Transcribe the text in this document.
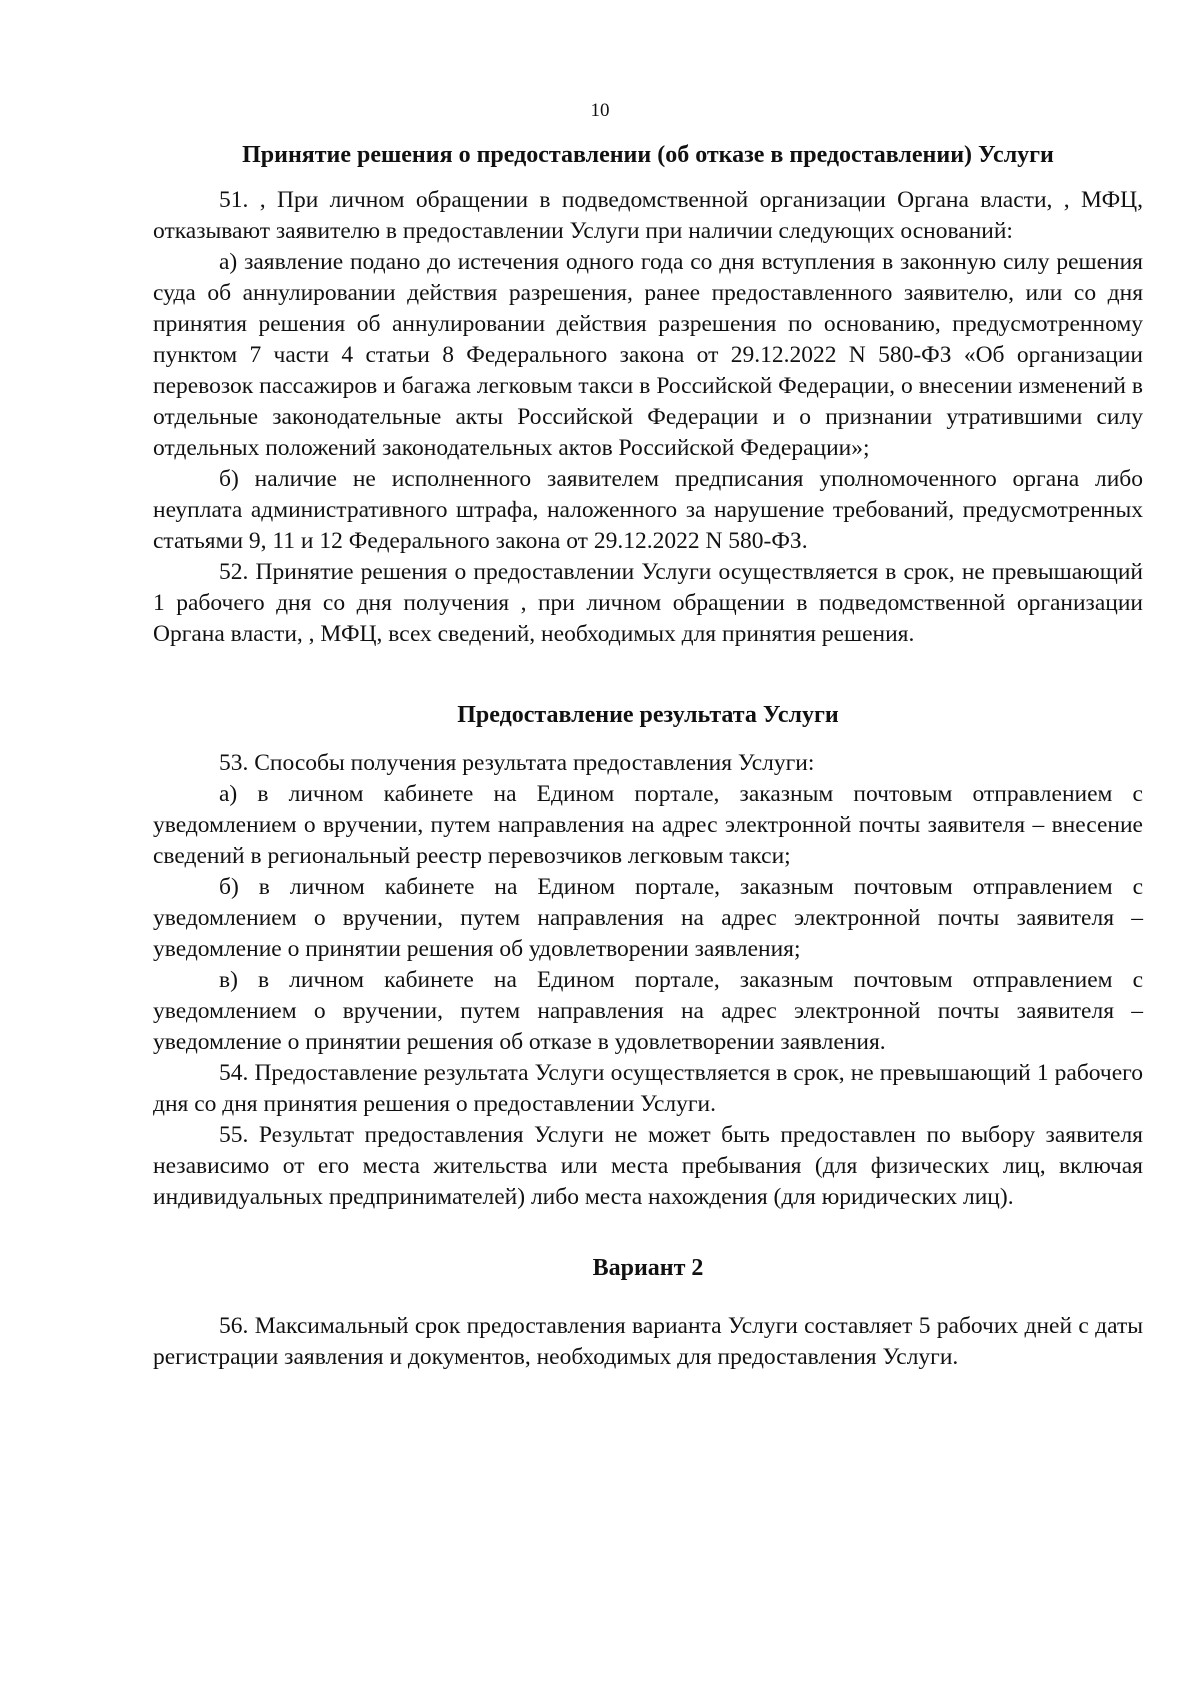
10
Принятие решения о предоставлении (об отказе в предоставлении) Услуги
51. , При личном обращении в подведомственной организации Органа власти, , МФЦ, отказывают заявителю в предоставлении Услуги при наличии следующих оснований:
а) заявление подано до истечения одного года со дня вступления в законную силу решения суда об аннулировании действия разрешения, ранее предоставленного заявителю, или со дня принятия решения об аннулировании действия разрешения по основанию, предусмотренному пунктом 7 части 4 статьи 8 Федерального закона от 29.12.2022 N 580-ФЗ «Об организации перевозок пассажиров и багажа легковым такси в Российской Федерации, о внесении изменений в отдельные законодательные акты Российской Федерации и о признании утратившими силу отдельных положений законодательных актов Российской Федерации»;
б) наличие не исполненного заявителем предписания уполномоченного органа либо неуплата административного штрафа, наложенного за нарушение требований, предусмотренных статьями 9, 11 и 12 Федерального закона от 29.12.2022 N 580-ФЗ.
52. Принятие решения о предоставлении Услуги осуществляется в срок, не превышающий 1 рабочего дня со дня получения , при личном обращении в подведомственной организации Органа власти, , МФЦ, всех сведений, необходимых для принятия решения.
Предоставление результата Услуги
53. Способы получения результата предоставления Услуги:
а) в личном кабинете на Едином портале, заказным почтовым отправлением с уведомлением о вручении, путем направления на адрес электронной почты заявителя – внесение сведений в региональный реестр перевозчиков легковым такси;
б) в личном кабинете на Едином портале, заказным почтовым отправлением с уведомлением о вручении, путем направления на адрес электронной почты заявителя – уведомление о принятии решения об удовлетворении заявления;
в) в личном кабинете на Едином портале, заказным почтовым отправлением с уведомлением о вручении, путем направления на адрес электронной почты заявителя – уведомление о принятии решения об отказе в удовлетворении заявления.
54. Предоставление результата Услуги осуществляется в срок, не превышающий 1 рабочего дня со дня принятия решения о предоставлении Услуги.
55. Результат предоставления Услуги не может быть предоставлен по выбору заявителя независимо от его места жительства или места пребывания (для физических лиц, включая индивидуальных предпринимателей) либо места нахождения (для юридических лиц).
Вариант 2
56. Максимальный срок предоставления варианта Услуги составляет 5 рабочих дней с даты регистрации заявления и документов, необходимых для предоставления Услуги.
